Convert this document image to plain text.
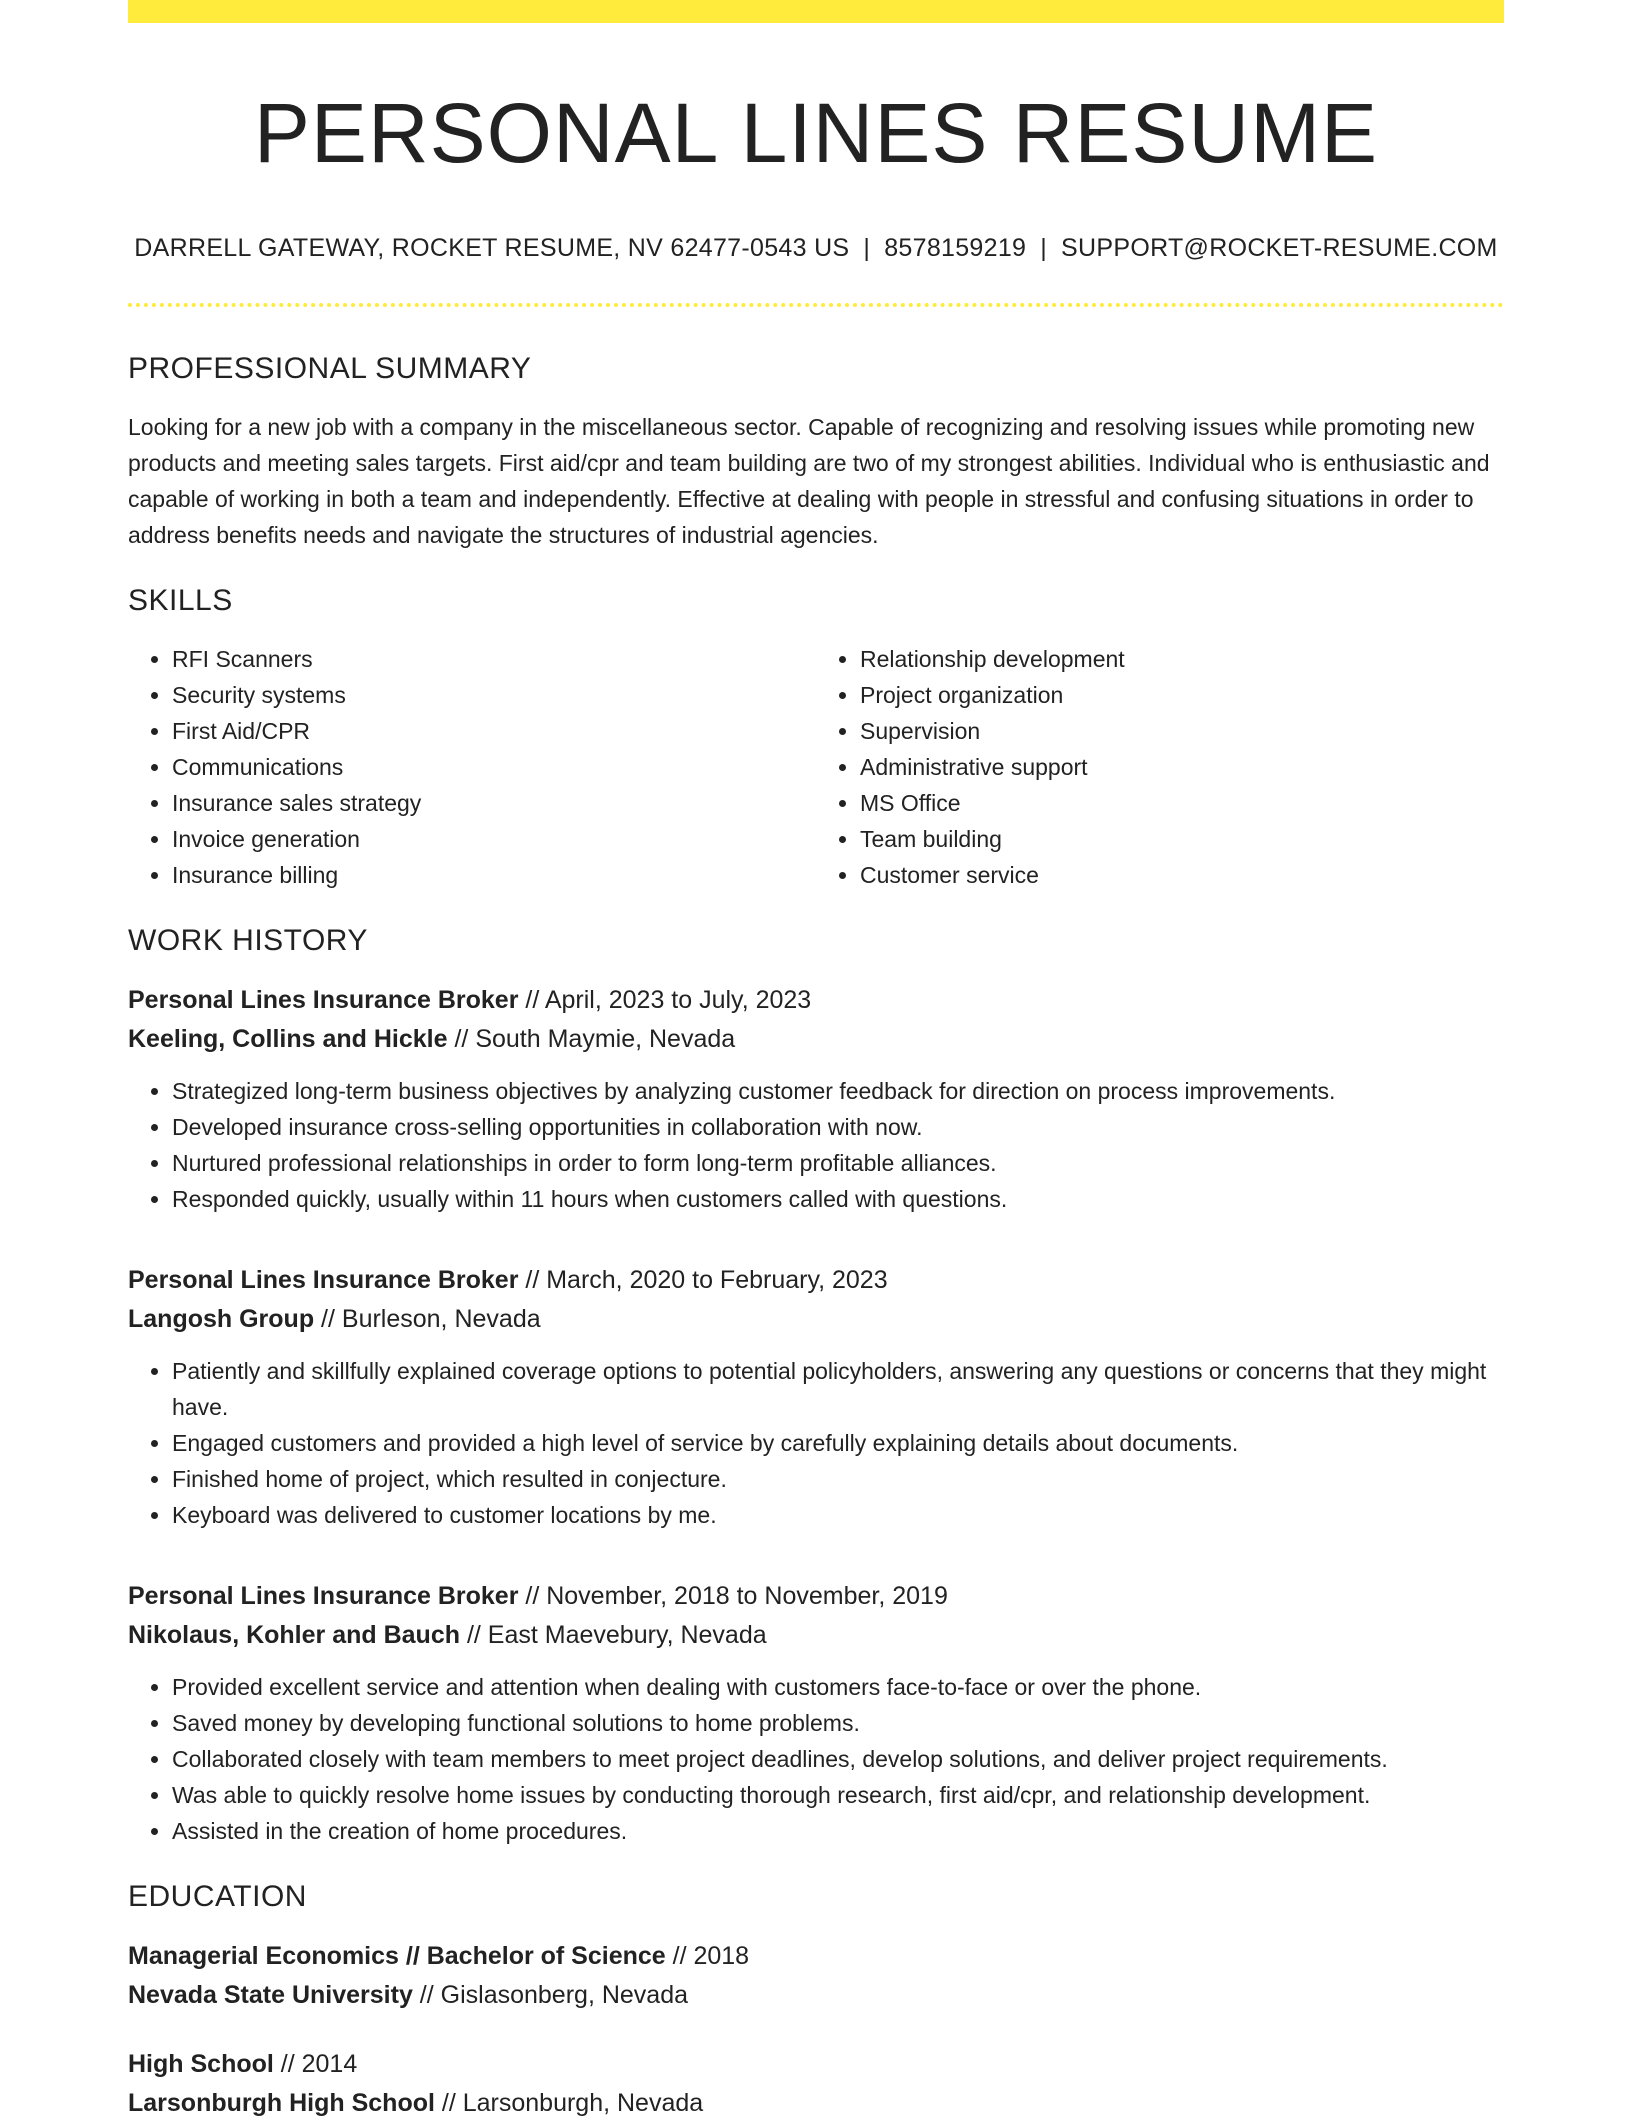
PERSONAL LINES RESUME
DARRELL GATEWAY, ROCKET RESUME, NV 62477-0543 US | 8578159219 | SUPPORT@ROCKET-RESUME.COM
PROFESSIONAL SUMMARY

Looking for a new job with a company in the miscellaneous sector. Capable of recognizing and resolving issues while promoting new products and meeting sales targets. First aid/cpr and team building are two of my strongest abilities. Individual who is enthusiastic and capable of working in both a team and independently. Effective at dealing with people in stressful and confusing situations in order to address benefits needs and navigate the structures of industrial agencies.

SKILLS
• RFI Scanners
• Security systems
• First Aid/CPR
• Communications
• Insurance sales strategy
• Invoice generation
• Insurance billing
• Relationship development
• Project organization
• Supervision
• Administrative support
• MS Office
• Team building
• Customer service
WORK HISTORY
Personal Lines Insurance Broker // April, 2023 to July, 2023
Keeling, Collins and Hickle // South Maymie, Nevada
• Strategized long-term business objectives by analyzing customer feedback for direction on process improvements.
• Developed insurance cross-selling opportunities in collaboration with now.
• Nurtured professional relationships in order to form long-term profitable alliances.
• Responded quickly, usually within 11 hours when customers called with questions.
Personal Lines Insurance Broker // March, 2020 to February, 2023
Langosh Group // Burleson, Nevada
• Patiently and skillfully explained coverage options to potential policyholders, answering any questions or concerns that they might have.
• Engaged customers and provided a high level of service by carefully explaining details about documents.
• Finished home of project, which resulted in conjecture.
• Keyboard was delivered to customer locations by me.
Personal Lines Insurance Broker // November, 2018 to November, 2019
Nikolaus, Kohler and Bauch // East Maevebury, Nevada
• Provided excellent service and attention when dealing with customers face-to-face or over the phone.
• Saved money by developing functional solutions to home problems.
• Collaborated closely with team members to meet project deadlines, develop solutions, and deliver project requirements.
• Was able to quickly resolve home issues by conducting thorough research, first aid/cpr, and relationship development.
• Assisted in the creation of home procedures.
EDUCATION
Managerial Economics // Bachelor of Science // 2018
Nevada State University // Gislasonberg, Nevada
High School // 2014
Larsonburgh High School // Larsonburgh, Nevada
